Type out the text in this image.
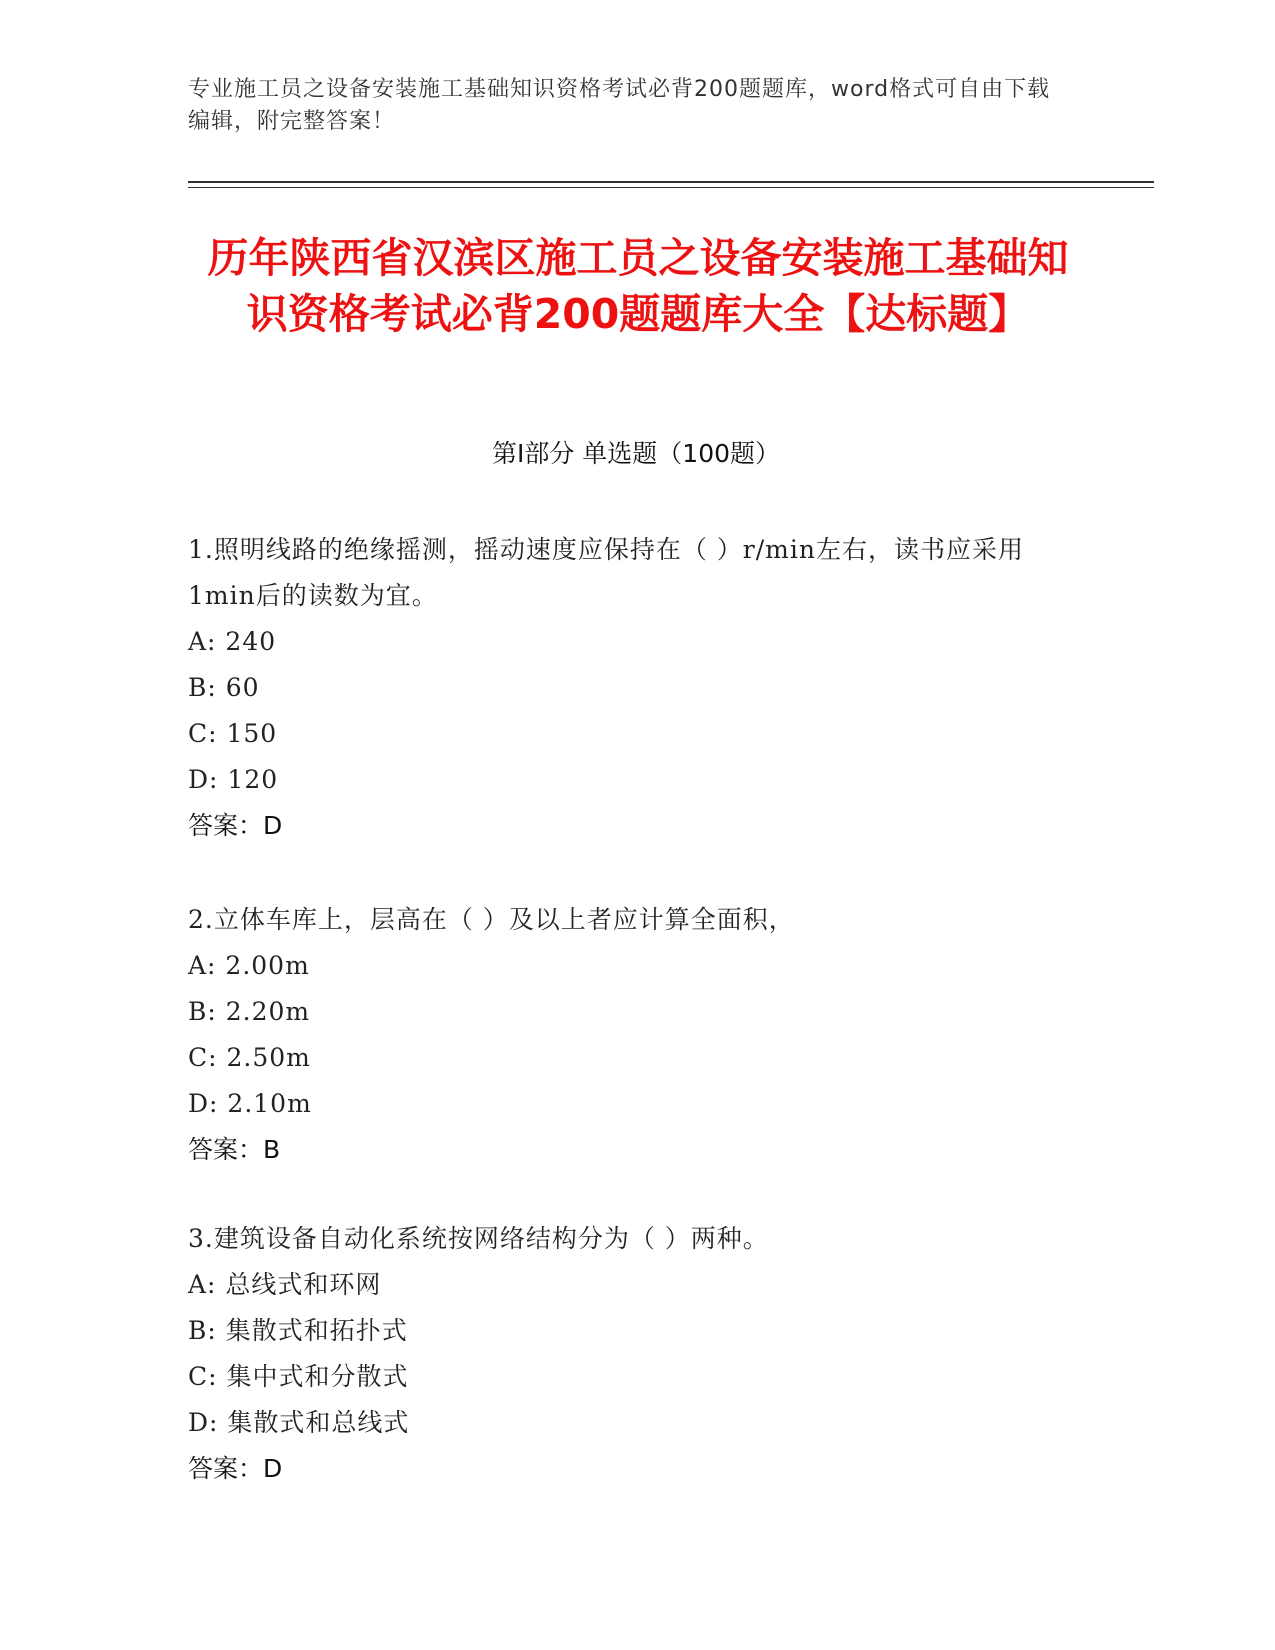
专业施工员之设备安装施工基础知识资格考试必背200题题库，word格式可自由下载编辑，附完整答案！
历年陕西省汉滨区施工员之设备安装施工基础知识资格考试必背200题题库大全【达标题】
第Ⅰ部分 单选题（100题）

1.照明线路的绝缘摇测，摇动速度应保持在（ ）r/min左右，读书应采用1min后的读数为宜。

A: 240
B: 60
C: 150
D: 120
答案：D

2.立体车库上，层高在（ ）及以上者应计算全面积，

A: 2.00m
B: 2.20m
C: 2.50m
D: 2.10m
答案：B

3.建筑设备自动化系统按网络结构分为（ ）两种。

A: 总线式和环网
B: 集散式和拓扑式
C: 集中式和分散式
D: 集散式和总线式
答案：D
